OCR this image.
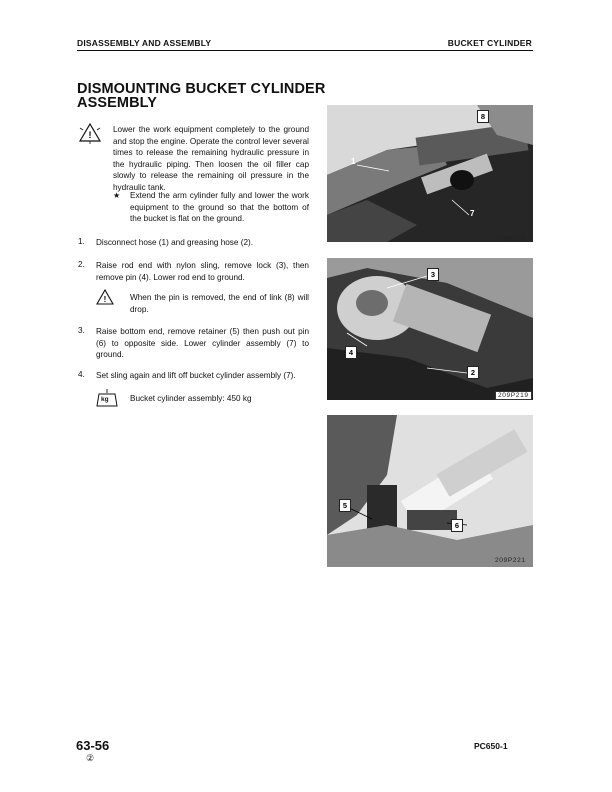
DISASSEMBLY AND ASSEMBLY	BUCKET CYLINDER
DISMOUNTING BUCKET CYLINDER
ASSEMBLY
!
Lower the work equipment completely to the ground and stop the engine. Operate the control lever several times to release the remaining hydraulic pressure in the hydraulic piping. Then loosen the oil filler cap slowly to release the remaining oil pressure in the hydraulic tank.
★	Extend the arm cylinder fully and lower the work equipment to the ground so that the bottom of the bucket is flat on the ground.
1. Disconnect hose (1) and greasing hose (2).
2. Raise rod end with nylon sling, remove lock (3), then remove pin (4). Lower rod end to ground.
!	When the pin is removed, the end of link (8) will drop.
3. Raise bottom end, remove retainer (5) then push out pin (6) to opposite side. Lower cylinder assembly (7) to ground.
4. Set sling again and lift off bucket cylinder assembly (7).
kg	Bucket cylinder assembly: 450 kg
8
1
7
209P220
3
4
2
209P219
5
6
209P221
63-56
②
PC650-1
